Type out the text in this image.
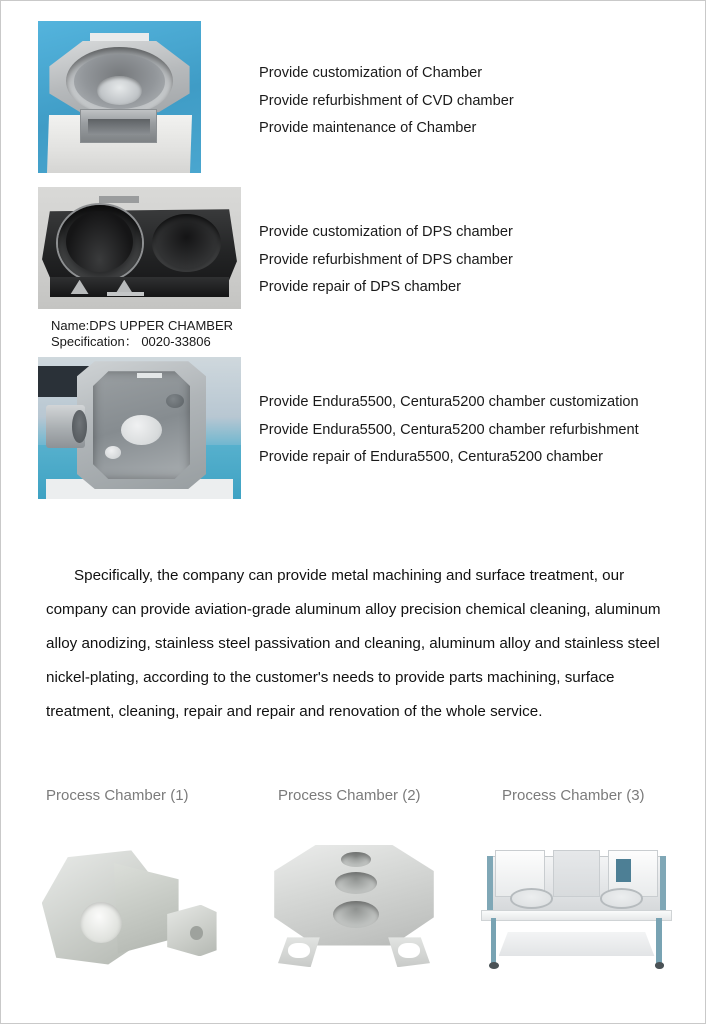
Provide customization of Chamber
Provide refurbishment of CVD chamber
Provide maintenance of Chamber
Provide customization of DPS chamber
Provide refurbishment of DPS chamber
Provide repair of DPS chamber
Name:DPS UPPER CHAMBER
Specification： 0020-33806
Provide Endura5500, Centura5200 chamber customization
Provide Endura5500, Centura5200 chamber refurbishment
Provide repair of Endura5500, Centura5200 chamber
Specifically, the company can provide metal machining and surface treatment, our company can provide aviation-grade aluminum alloy precision chemical cleaning, aluminum alloy anodizing, stainless steel passivation and cleaning, aluminum alloy and stainless steel nickel-plating, according to the customer's needs to provide parts machining, surface treatment, cleaning, repair and repair and renovation of the whole service.
Process Chamber (1)	Process Chamber (2)	Process Chamber (3)
